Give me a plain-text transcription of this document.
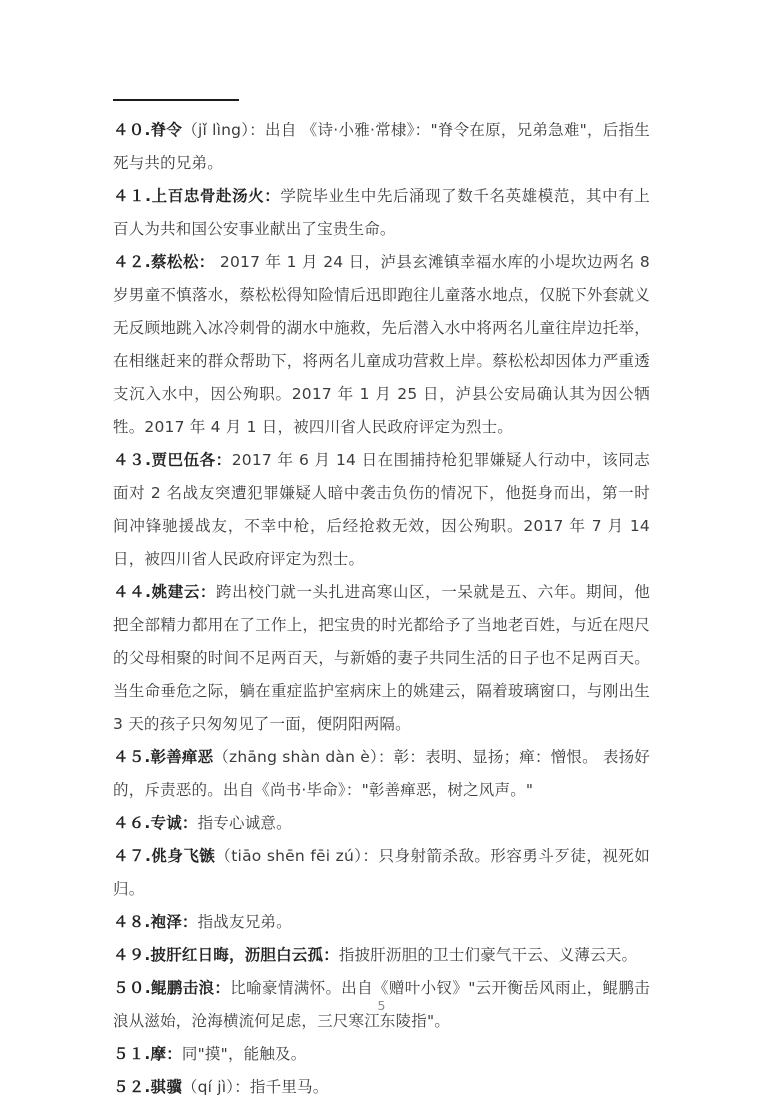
４０.脊令（jǐ lìng）：出自 《诗·小雅·常棣》："脊令在原，兄弟急难"，后指生死与共的兄弟。

４１.上百忠骨赴汤火：学院毕业生中先后涌现了数千名英雄模范，其中有上百人为共和国公安事业献出了宝贵生命。

４２.蔡松松： 2017 年 1 月 24 日，泸县玄滩镇幸福水库的小堤坎边两名 8 岁男童不慎落水，蔡松松得知险情后迅即跑往儿童落水地点，仅脱下外套就义无反顾地跳入冰冷刺骨的湖水中施救，先后潜入水中将两名儿童往岸边托举，在相继赶来的群众帮助下，将两名儿童成功营救上岸。蔡松松却因体力严重透支沉入水中，因公殉职。2017 年 1 月 25 日，泸县公安局确认其为因公牺牲。2017 年 4 月 1 日，被四川省人民政府评定为烈士。

４３.贾巴伍各：2017 年 6 月 14 日在围捕持枪犯罪嫌疑人行动中，该同志面对 2 名战友突遭犯罪嫌疑人暗中袭击负伤的情况下，他挺身而出，第一时间冲锋驰援战友，不幸中枪，后经抢救无效，因公殉职。2017 年 7 月 14 日，被四川省人民政府评定为烈士。

４４.姚建云：跨出校门就一头扎进高寒山区，一呆就是五、六年。期间，他把全部精力都用在了工作上，把宝贵的时光都给予了当地老百姓，与近在咫尺的父母相聚的时间不足两百天，与新婚的妻子共同生活的日子也不足两百天。当生命垂危之际，躺在重症监护室病床上的姚建云，隔着玻璃窗口，与刚出生 3 天的孩子只匆匆见了一面，便阴阳两隔。

４５.彰善瘅恶（zhāng shàn dàn è）：彰：表明、显扬；瘅：憎恨。 表扬好的，斥责恶的。出自《尚书·毕命》："彰善瘅恶，树之风声。"

４６.专诚：指专心诚意。

４７.佻身飞镞（tiāo shēn fēi zú）：只身射箭杀敌。形容勇斗歹徒，视死如归。

４８.袍泽：指战友兄弟。

４９.披肝红日晦，沥胆白云孤：指披肝沥胆的卫士们豪气干云、义薄云天。

５０.鲲鹏击浪：比喻豪情满怀。出自《赠叶小钗》"云开衡岳风雨止，鲲鹏击浪从滋始，沧海横流何足虑，三尺寒江东陵指"。

５１.摩：同"摸"，能触及。

５２.骐骥（qí jì）：指千里马。

5
